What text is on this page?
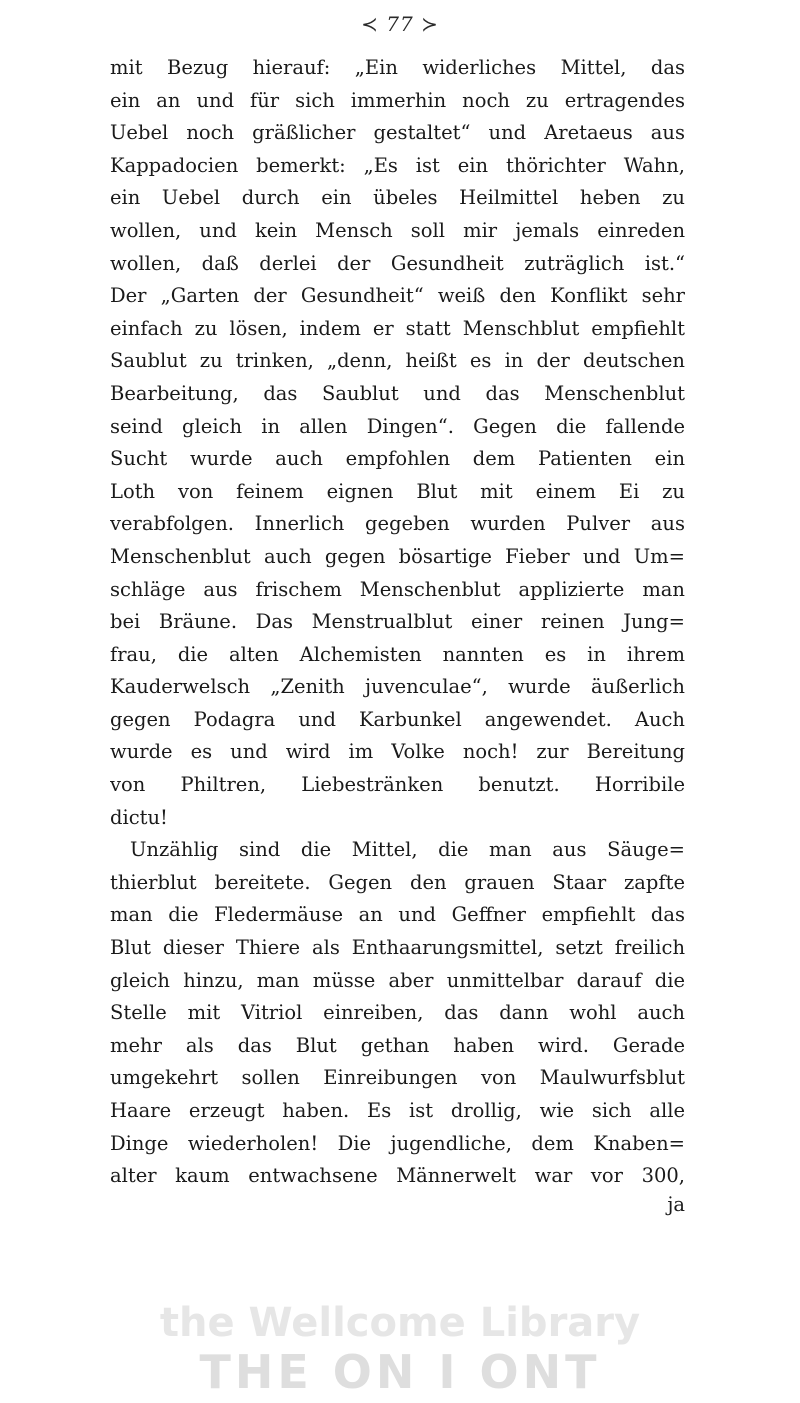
≺ 77 ≻
mit Bezug hierauf: „Ein widerliches Mittel, das
ein an und für sich immerhin noch zu ertragendes
Uebel noch gräßlicher gestaltet“ und Aretaeus aus
Kappadocien bemerkt: „Es ist ein thörichter Wahn,
ein Uebel durch ein übeles Heilmittel heben zu
wollen, und kein Mensch soll mir jemals einreden
wollen, daß derlei der Gesundheit zuträglich ist.“
Der „Garten der Gesundheit“ weiß den Konflikt sehr
einfach zu lösen, indem er statt Menschblut empfiehlt
Saublut zu trinken, „denn, heißt es in der deutschen
Bearbeitung, das Saublut und das Menschenblut
seind gleich in allen Dingen“. Gegen die fallende
Sucht wurde auch empfohlen dem Patienten ein
Loth von feinem eignen Blut mit einem Ei zu
verabfolgen. Innerlich gegeben wurden Pulver aus
Menschenblut auch gegen bösartige Fieber und Um=
schläge aus frischem Menschenblut applizierte man
bei Bräune. Das Menstrualblut einer reinen Jung=
frau, die alten Alchemisten nannten es in ihrem
Kauderwelsch „Zenith juvenculae“, wurde äußerlich
gegen Podagra und Karbunkel angewendet. Auch
wurde es und wird im Volke noch! zur Bereitung
von Philtren, Liebestränken benutzt. Horribile
dictu!
Unzählig sind die Mittel, die man aus Säuge=
thierblut bereitete. Gegen den grauen Staar zapfte
man die Fledermäuse an und Geffner empfiehlt das
Blut dieser Thiere als Enthaarungsmittel, setzt freilich
gleich hinzu, man müsse aber unmittelbar darauf die
Stelle mit Vitriol einreiben, das dann wohl auch
mehr als das Blut gethan haben wird. Gerade
umgekehrt sollen Einreibungen von Maulwurfsblut
Haare erzeugt haben. Es ist drollig, wie sich alle
Dinge wiederholen! Die jugendliche, dem Knaben=
alter kaum entwachsene Männerwelt war vor 300,
ja
the Wellcome Library
THE ON I ONT
